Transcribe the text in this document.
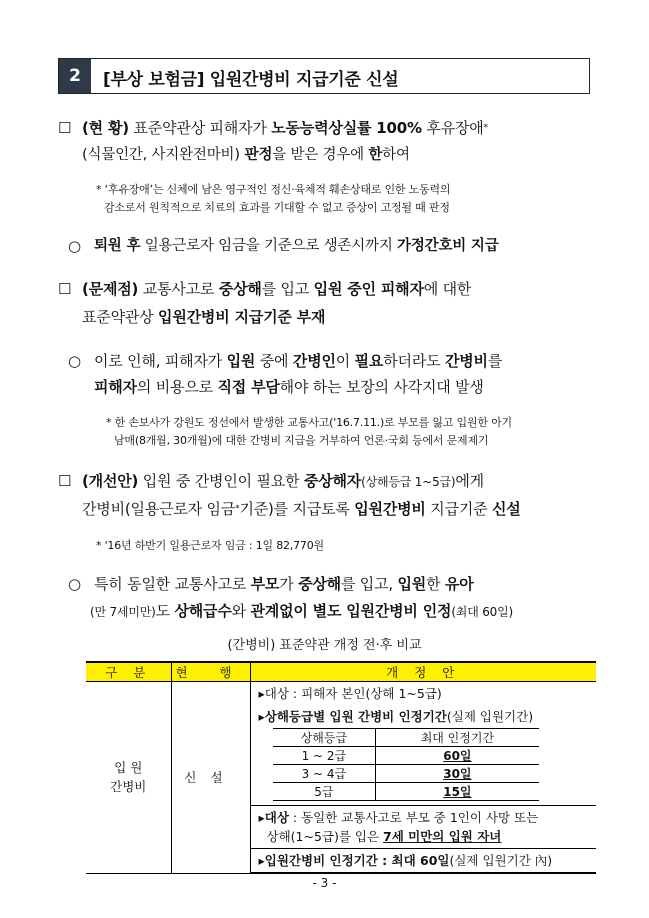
2	[부상 보험금] 입원간병비 지급기준 신설
☐ (현 황) 표준약관상 피해자가 노동능력상실률 100% 후유장애*
(식물인간, 사지완전마비) 판정을 받은 경우에 한하여
* ‘후유장애’는 신체에 남은 영구적인 정신·육체적 훼손상태로 인한 노동력의
감소로서 원칙적으로 치료의 효과를 기대할 수 없고 증상이 고정될 때 판정
○ 퇴원 후 일용근로자 임금을 기준으로 생존시까지 가정간호비 지급
☐ (문제점) 교통사고로 중상해를 입고 입원 중인 피해자에 대한
표준약관상 입원간병비 지급기준 부재
○ 이로 인해, 피해자가 입원 중에 간병인이 필요하더라도 간병비를
피해자의 비용으로 직접 부담해야 하는 보장의 사각지대 발생
* 한 손보사가 강원도 정선에서 발생한 교통사고('16.7.11.)로 부모를 잃고 입원한 아기
남매(8개월, 30개월)에 대한 간병비 지급을 거부하여 언론·국회 등에서 문제제기
☐ (개선안) 입원 중 간병인이 필요한 중상해자(상해등급 1~5급)에게
간병비(일용근로자 임금*기준)를 지급토록 입원간병비 지급기준 신설
* '16년 하반기 일용근로자 임금 : 1일 82,770원
○ 특히 동일한 교통사고로 부모가 중상해를 입고, 입원한 유아
(만 7세미만)도 상해급수와 관계없이 별도 입원간병비 인정(최대 60일)
(간병비) 표준약관 개정 전·후 비교
구 분	현 행	개 정 안

입 원
간병비
	신설	
▸대상 : 피해자 본인(상해 1~5급)

▸상해등급별 입원 간병비 인정기간(실제 입원기간)
상해등급	최대 인정기간
1 ~ 2급	60일
3 ~ 4급	30일
5급	15일

▸대상 : 동일한 교통사고로 부모 중 1인이 사망 또는
상해(1~5급)를 입은 7세 미만의 입원 자녀

▸입원간병비 인정기간 : 최대 60일(실제 입원기간 內)
- 3 -
